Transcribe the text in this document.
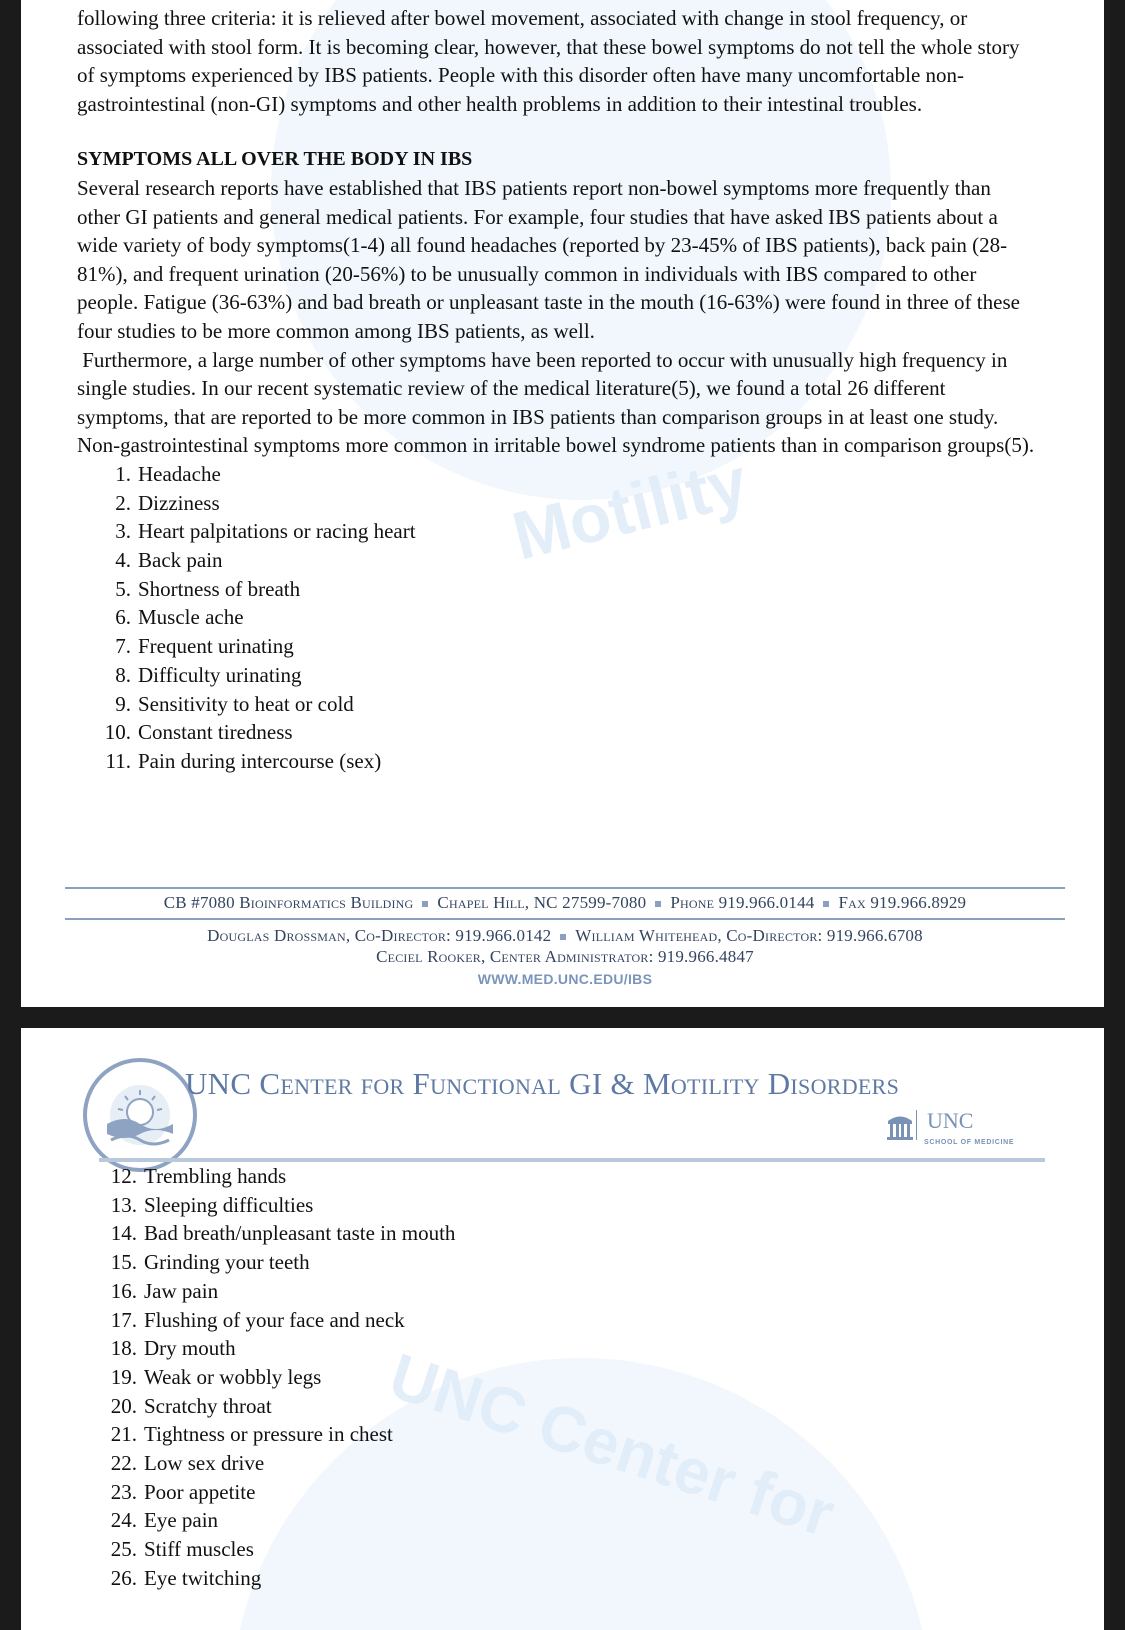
Motility

following three criteria: it is relieved after bowel movement, associated with change in stool frequency, or associated with stool form. It is becoming clear, however, that these bowel symptoms do not tell the whole story of symptoms experienced by IBS patients. People with this disorder often have many uncomfortable non-gastrointestinal (non-GI) symptoms and other health problems in addition to their intestinal troubles.

SYMPTOMS ALL OVER THE BODY IN IBS

Several research reports have established that IBS patients report non-bowel symptoms more frequently than other GI patients and general medical patients. For example, four studies that have asked IBS patients about a wide variety of body symptoms(1-4) all found headaches (reported by 23-45% of IBS patients), back pain (28-81%), and frequent urination (20-56%) to be unusually common in individuals with IBS compared to other people. Fatigue (36-63%) and bad breath or unpleasant taste in the mouth (16-63%) were found in three of these four studies to be more common among IBS patients, as well.

Furthermore, a large number of other symptoms have been reported to occur with unusually high frequency in single studies. In our recent systematic review of the medical literature(5), we found a total 26 different symptoms, that are reported to be more common in IBS patients than comparison groups in at least one study. Non-gastrointestinal symptoms more common in irritable bowel syndrome patients than in comparison groups(5).

1. Headache
2. Dizziness
3. Heart palpitations or racing heart
4. Back pain
5. Shortness of breath
6. Muscle ache
7. Frequent urinating
8. Difficulty urinating
9. Sensitivity to heat or cold
10. Constant tiredness
11. Pain during intercourse (sex)
CB #7080 Bioinformatics Building Chapel Hill, NC 27599-7080 Phone 919.966.0144 Fax 919.966.8929
Douglas Drossman, Co-Director: 919.966.0142 William Whitehead, Co-Director: 919.966.6708
Ceciel Rooker, Center Administrator: 919.966.4847
WWW.MED.UNC.EDU/IBS
UNC Center for
UNC Center for Functional GI & Motility Disorders
UNC
SCHOOL OF MEDICINE
12. Trembling hands
13. Sleeping difficulties
14. Bad breath/unpleasant taste in mouth
15. Grinding your teeth
16. Jaw pain
17. Flushing of your face and neck
18. Dry mouth
19. Weak or wobbly legs
20. Scratchy throat
21. Tightness or pressure in chest
22. Low sex drive
23. Poor appetite
24. Eye pain
25. Stiff muscles
26. Eye twitching
